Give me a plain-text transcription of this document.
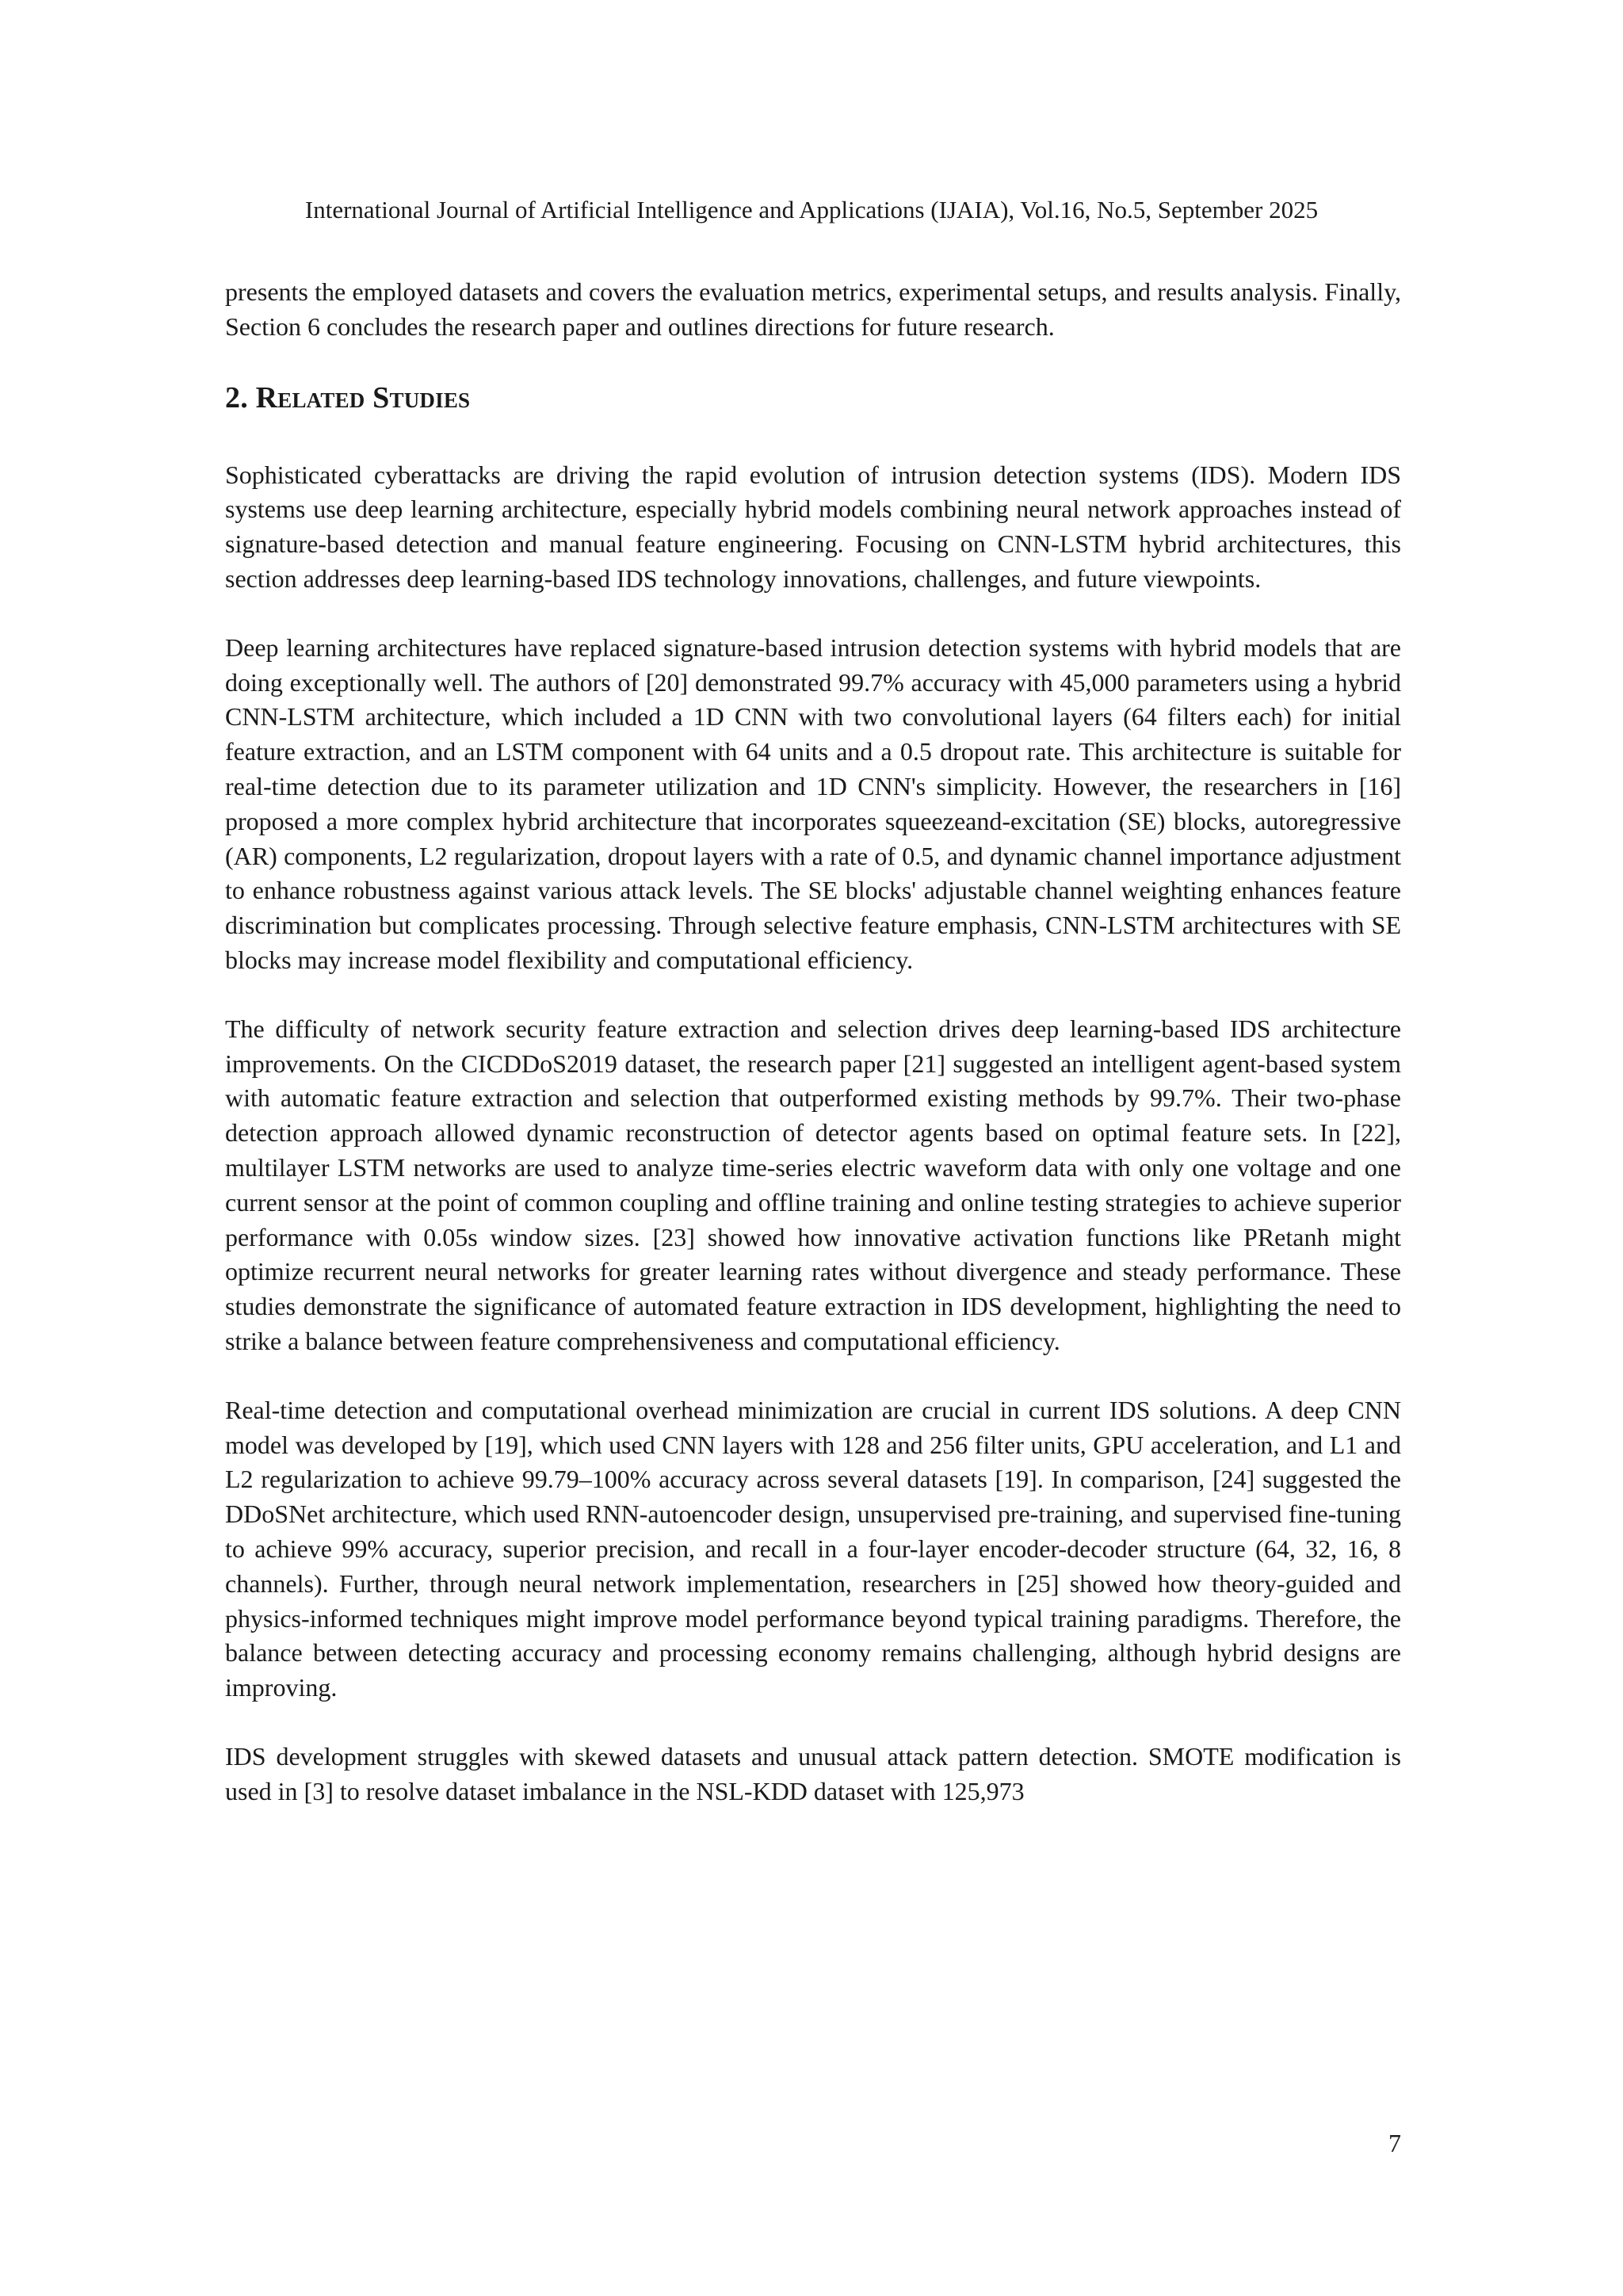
International Journal of Artificial Intelligence and Applications (IJAIA), Vol.16, No.5, September 2025

presents the employed datasets and covers the evaluation metrics, experimental setups, and results analysis. Finally, Section 6 concludes the research paper and outlines directions for future research.

2. Related Studies

Sophisticated cyberattacks are driving the rapid evolution of intrusion detection systems (IDS). Modern IDS systems use deep learning architecture, especially hybrid models combining neural network approaches instead of signature-based detection and manual feature engineering. Focusing on CNN-LSTM hybrid architectures, this section addresses deep learning-based IDS technology innovations, challenges, and future viewpoints.

Deep learning architectures have replaced signature-based intrusion detection systems with hybrid models that are doing exceptionally well. The authors of [20] demonstrated 99.7% accuracy with 45,000 parameters using a hybrid CNN-LSTM architecture, which included a 1D CNN with two convolutional layers (64 filters each) for initial feature extraction, and an LSTM component with 64 units and a 0.5 dropout rate. This architecture is suitable for real-time detection due to its parameter utilization and 1D CNN's simplicity. However, the researchers in [16] proposed a more complex hybrid architecture that incorporates squeezeand-excitation (SE) blocks, autoregressive (AR) components, L2 regularization, dropout layers with a rate of 0.5, and dynamic channel importance adjustment to enhance robustness against various attack levels. The SE blocks' adjustable channel weighting enhances feature discrimination but complicates processing. Through selective feature emphasis, CNN-LSTM architectures with SE blocks may increase model flexibility and computational efficiency.

The difficulty of network security feature extraction and selection drives deep learning-based IDS architecture improvements. On the CICDDoS2019 dataset, the research paper [21] suggested an intelligent agent-based system with automatic feature extraction and selection that outperformed existing methods by 99.7%. Their two-phase detection approach allowed dynamic reconstruction of detector agents based on optimal feature sets. In [22], multilayer LSTM networks are used to analyze time-series electric waveform data with only one voltage and one current sensor at the point of common coupling and offline training and online testing strategies to achieve superior performance with 0.05s window sizes. [23] showed how innovative activation functions like PRetanh might optimize recurrent neural networks for greater learning rates without divergence and steady performance. These studies demonstrate the significance of automated feature extraction in IDS development, highlighting the need to strike a balance between feature comprehensiveness and computational efficiency.

Real-time detection and computational overhead minimization are crucial in current IDS solutions. A deep CNN model was developed by [19], which used CNN layers with 128 and 256 filter units, GPU acceleration, and L1 and L2 regularization to achieve 99.79–100% accuracy across several datasets [19]. In comparison, [24] suggested the DDoSNet architecture, which used RNN-autoencoder design, unsupervised pre-training, and supervised fine-tuning to achieve 99% accuracy, superior precision, and recall in a four-layer encoder-decoder structure (64, 32, 16, 8 channels). Further, through neural network implementation, researchers in [25] showed how theory-guided and physics-informed techniques might improve model performance beyond typical training paradigms. Therefore, the balance between detecting accuracy and processing economy remains challenging, although hybrid designs are improving.

IDS development struggles with skewed datasets and unusual attack pattern detection. SMOTE modification is used in [3] to resolve dataset imbalance in the NSL-KDD dataset with 125,973

7
